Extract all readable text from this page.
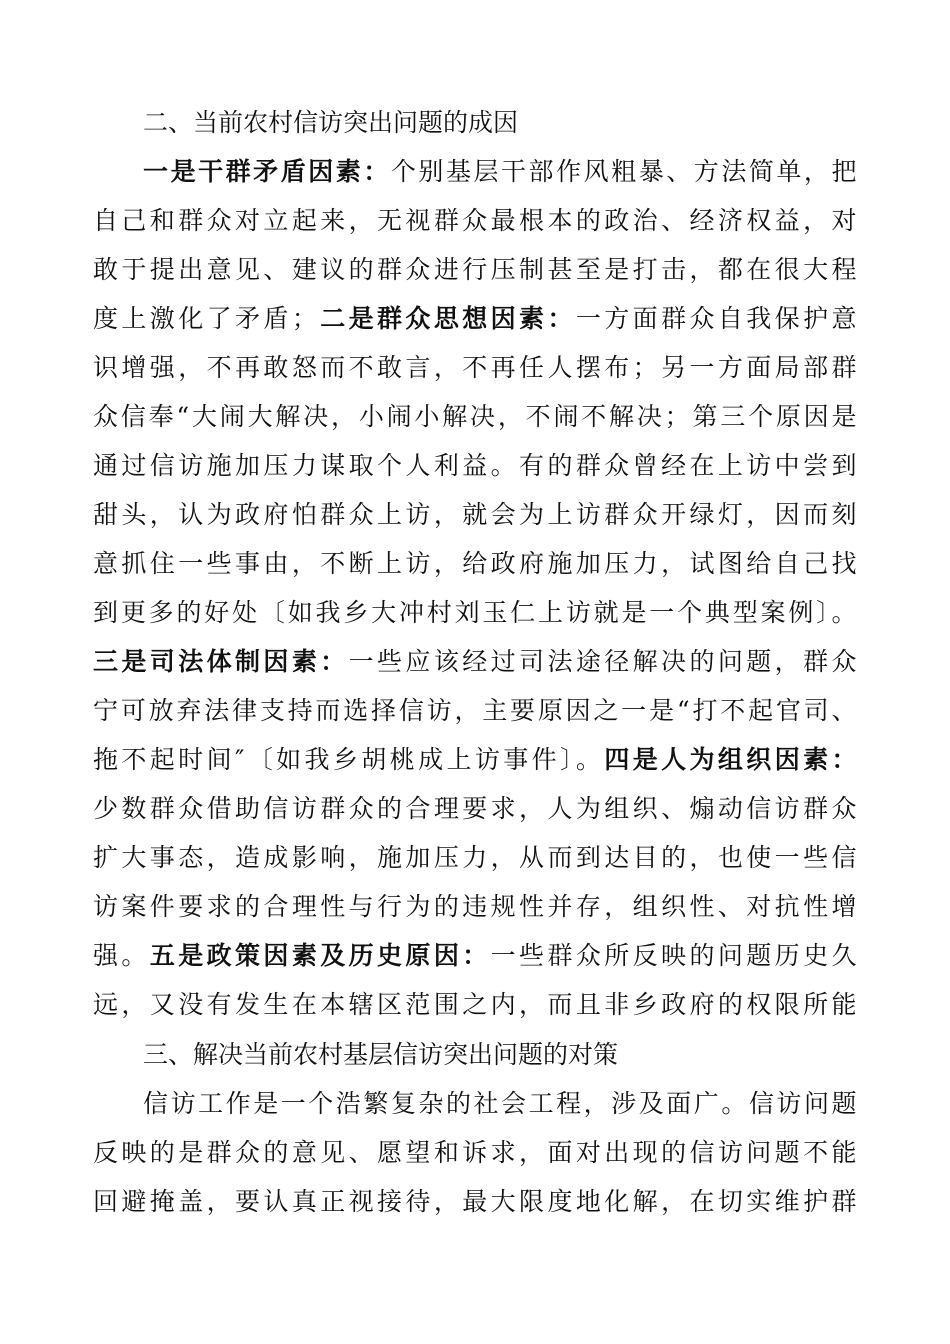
二、当前农村信访突出问题的成因

一是干群矛盾因素：个别基层干部作风粗暴、方法简单，把自己和群众对立起来，无视群众最根本的政治、经济权益，对敢于提出意见、建议的群众进行压制甚至是打击，都在很大程度上激化了矛盾；二是群众思想因素：一方面群众自我保护意识增强，不再敢怒而不敢言，不再任人摆布；另一方面局部群众信奉“大闹大解决，小闹小解决，不闹不解决；第三个原因是通过信访施加压力谋取个人利益。有的群众曾经在上访中尝到甜头，认为政府怕群众上访，就会为上访群众开绿灯，因而刻意抓住一些事由，不断上访，给政府施加压力，试图给自己找到更多的好处〔如我乡大冲村刘玉仁上访就是一个典型案例〕。三是司法体制因素：一些应该经过司法途径解决的问题，群众宁可放弃法律支持而选择信访，主要原因之一是“打不起官司、拖不起时间″〔如我乡胡桃成上访事件〕。四是人为组织因素：少数群众借助信访群众的合理要求，人为组织、煽动信访群众扩大事态，造成影响，施加压力，从而到达目的，也使一些信访案件要求的合理性与行为的违规性并存，组织性、对抗性增强。五是政策因素及历史原因：一些群众所反映的问题历史久远，又没有发生在本辖区范围之内，而且非乡政府的权限所能

三、解决当前农村基层信访突出问题的对策

信访工作是一个浩繁复杂的社会工程，涉及面广。信访问题反映的是群众的意见、愿望和诉求，面对出现的信访问题不能回避掩盖，要认真正视接待，最大限度地化解，在切实维护群
